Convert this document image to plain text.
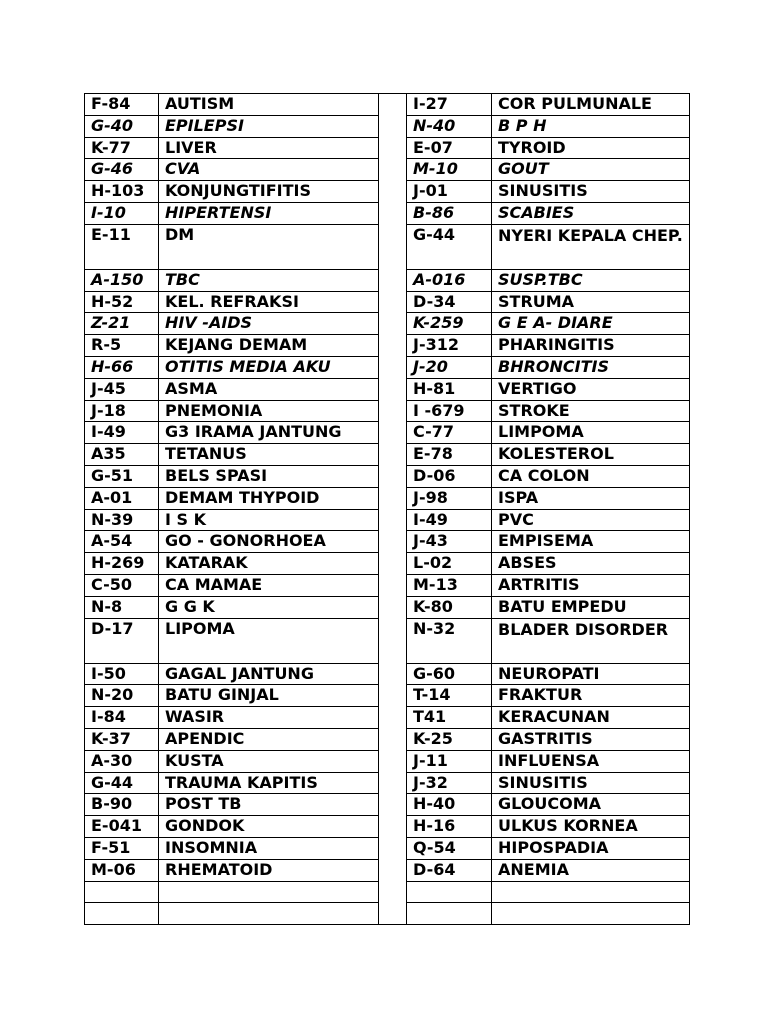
F-84	AUTISM		I-27	COR PULMUNALE
G-40	EPILEPSI		N-40	B P H
K-77	LIVER		E-07	TYROID
G-46	CVA		M-10	GOUT
H-103	KONJUNGTIFITIS		J-01	SINUSITIS
I-10	HIPERTENSI		B-86	SCABIES
E-11	DM		G-44	NYERI KEPALA CHEP.
A-150	TBC		A-016	SUSP.TBC
H-52	KEL. REFRAKSI		D-34	STRUMA
Z-21	HIV -AIDS		K-259	G E A- DIARE
R-5	KEJANG DEMAM		J-312	PHARINGITIS
H-66	OTITIS MEDIA AKU		J-20	BHRONCITIS
J-45	ASMA		H-81	VERTIGO
J-18	PNEMONIA		I -679	STROKE
I-49	G3 IRAMA JANTUNG		C-77	LIMPOMA
A35	TETANUS		E-78	KOLESTEROL
G-51	BELS SPASI		D-06	CA COLON
A-01	DEMAM THYPOID		J-98	ISPA
N-39	I S K		I-49	PVC
A-54	GO - GONORHOEA		J-43	EMPISEMA
H-269	KATARAK		L-02	ABSES
C-50	CA MAMAE		M-13	ARTRITIS
N-8	G G K		K-80	BATU EMPEDU
D-17	LIPOMA		N-32	BLADER DISORDER
I-50	GAGAL JANTUNG		G-60	NEUROPATI
N-20	BATU GINJAL		T-14	FRAKTUR
I-84	WASIR		T41	KERACUNAN
K-37	APENDIC		K-25	GASTRITIS
A-30	KUSTA		J-11	INFLUENSA
G-44	TRAUMA KAPITIS		J-32	SINUSITIS
B-90	POST TB		H-40	GLOUCOMA
E-041	GONDOK		H-16	ULKUS KORNEA
F-51	INSOMNIA		Q-54	HIPOSPADIA
M-06	RHEMATOID		D-64	ANEMIA
